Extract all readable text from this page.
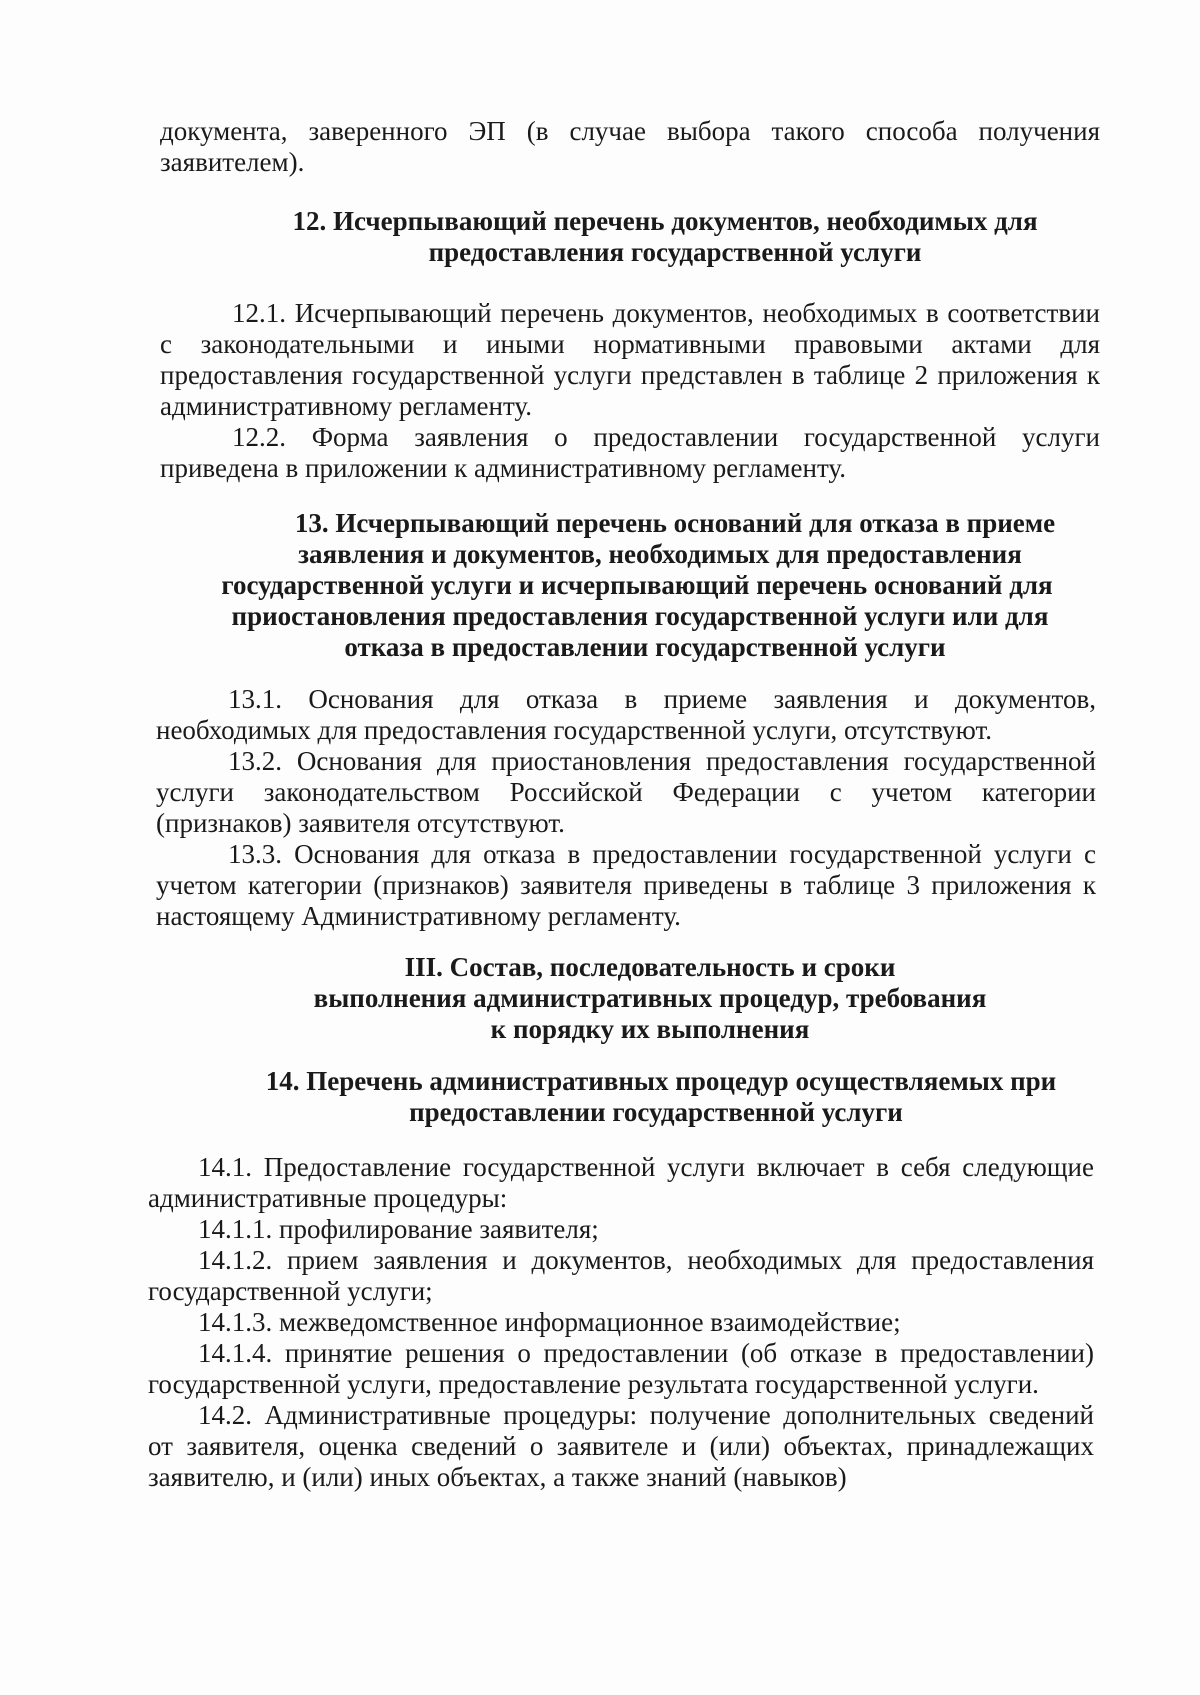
документа, заверенного ЭП (в случае выбора такого способа получения заявителем).

12. Исчерпывающий перечень документов, необходимых для
предоставления государственной услуги

12.1. Исчерпывающий перечень документов, необходимых в соответствии с законодательными и иными нормативными правовыми актами для предоставления государственной услуги представлен в таблице 2 приложения к административному регламенту.

12.2. Форма заявления о предоставлении государственной услуги приведена в приложении к административному регламенту.

13. Исчерпывающий перечень оснований для отказа в приеме
заявления и документов, необходимых для предоставления
государственной услуги и исчерпывающий перечень оснований для
приостановления предоставления государственной услуги или для
отказа в предоставлении государственной услуги

13.1. Основания для отказа в приеме заявления и документов, необходимых для предоставления государственной услуги, отсутствуют.

13.2. Основания для приостановления предоставления государственной услуги законодательством Российской Федерации с учетом категории (признаков) заявителя отсутствуют.

13.3. Основания для отказа в предоставлении государственной услуги с учетом категории (признаков) заявителя приведены в таблице 3 приложения к настоящему Административному регламенту.

III. Состав, последовательность и сроки
выполнения административных процедур, требования
к порядку их выполнения
14. Перечень административных процедур осуществляемых при
предоставлении государственной услуги

14.1. Предоставление государственной услуги включает в себя следующие административные процедуры:

14.1.1. профилирование заявителя;

14.1.2. прием заявления и документов, необходимых для предоставления государственной услуги;

14.1.3. межведомственное информационное взаимодействие;

14.1.4. принятие решения о предоставлении (об отказе в предоставлении) государственной услуги, предоставление результата государственной услуги.

14.2. Административные процедуры: получение дополнительных сведений от заявителя, оценка сведений о заявителе и (или) объектах, принадлежащих заявителю, и (или) иных объектах, а также знаний (навыков)
